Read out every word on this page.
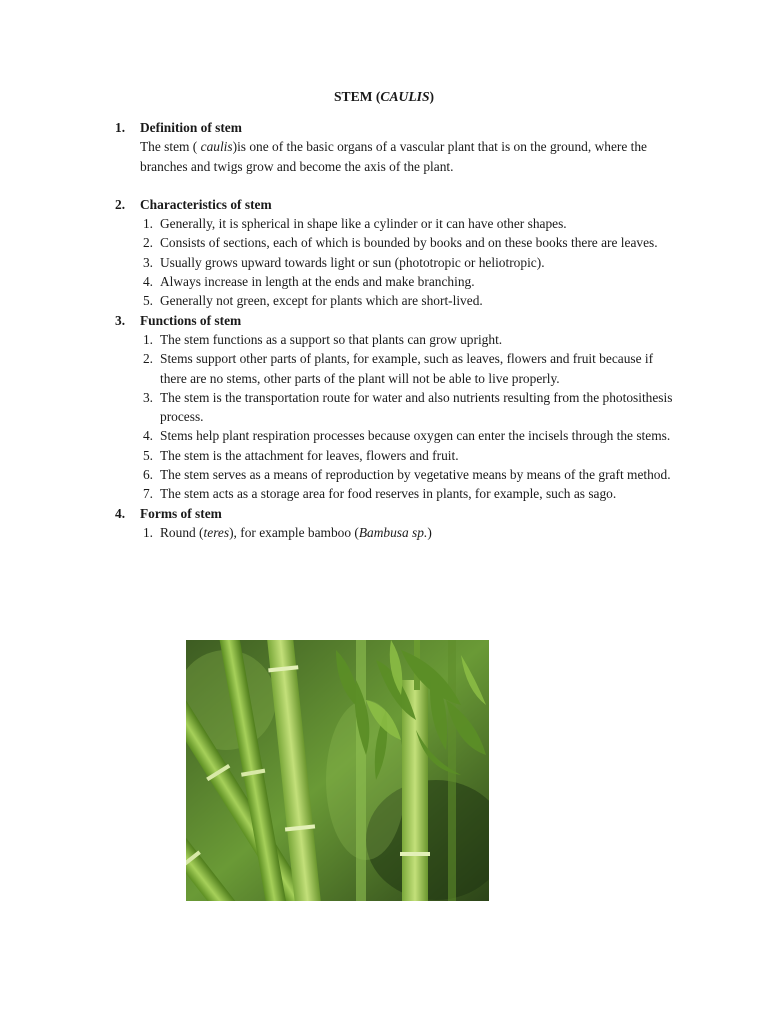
STEM (CAULIS)
1.	Definition of stem
The stem ( caulis)is one of the basic organs of a vascular plant that is on the ground, where the branches and twigs grow and become the axis of the plant.
2.	Characteristics of stem
1. Generally, it is spherical in shape like a cylinder or it can have other shapes.
2. Consists of sections, each of which is bounded by books and on these books there are leaves.
3. Usually grows upward towards light or sun (phototropic or heliotropic).
4. Always increase in length at the ends and make branching.
5. Generally not green, except for plants which are short-lived.
3.	Functions of stem
1. The stem functions as a support so that plants can grow upright.
2. Stems support other parts of plants, for example, such as leaves, flowers and fruit because if there are no stems, other parts of the plant will not be able to live properly.
3. The stem is the transportation route for water and also nutrients resulting from the photosithesis process.
4. Stems help plant respiration processes because oxygen can enter the incisels through the stems.
5. The stem is the attachment for leaves, flowers and fruit.
6. The stem serves as a means of reproduction by vegetative means by means of the graft method.
7. The stem acts as a storage area for food reserves in plants, for example, such as sago.
4.	Forms of stem
1. Round (teres), for example bamboo (Bambusa sp.)
